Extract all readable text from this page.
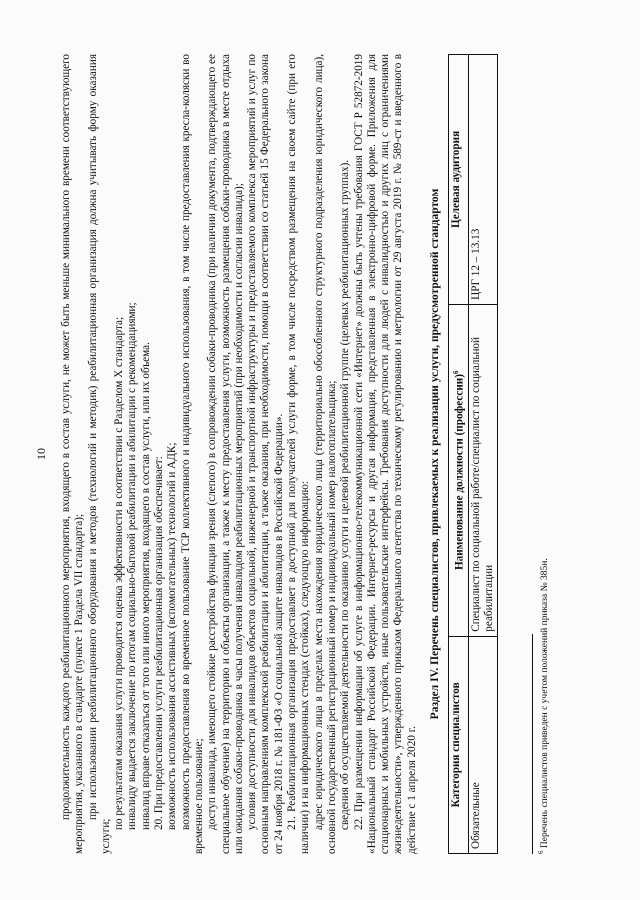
10 продолжительность каждого реабилитационного мероприятия, входящего в состав услуги, не может быть меньше минимального времени соответствующего мероприятия, указанного в стандарте (пункте 1 Раздела VII стандарта); при использовании реабилитационного оборудования и методов (технологий и методик) реабилитационная организация должна учитывать форму оказания услуги;

по результатам оказания услуги проводится оценка эффективности в соответствии с Разделом X стандарта; инвалиду выдается заключение по итогам социально-бытовой реабилитации и абилитации с рекомендациями; инвалид вправе отказаться от того или иного мероприятия, входящего в состав услуги, или их объема. 20. При предоставлении услуги реабилитационная организация обеспечивает: возможность использования ассистивных (вспомогательных) технологий и АДК; возможность предоставления во временное пользование ТСР коллективного и индивидуального использования, в том числе предоставления кресла-коляски во временное пользование; доступ инвалида, имеющего стойкие расстройства функции зрения (слепого) в сопровождении собаки-проводника (при наличии документа, подтверждающего ее специальное обучение) на территорию и объекты организации, а также к месту предоставления услуги, возможность размещения собаки-проводника в месте отдыха или ожидания собаки-проводника в часы получения инвалидом реабилитационных мероприятий (при необходимости и согласии инвалида); условия доступности для инвалидов объектов социальной, инженерной и транспортной инфраструктуры и предоставляемого комплекса мероприятий и услуг по основным направлениям комплексной реабилитации и абилитации, а также оказания, при необходимости, помощи в соответствии со статьей 15 Федерального закона от 24 ноября 2018 г. № 181-ФЗ «О социальной защите инвалидов в Российской Федерации». 21. Реабилитационная организация предоставляет в доступной для получателей услуги форме, в том числе посредством размещения на своем сайте (при его наличии) и на информационных стендах (стойках), следующую информацию: адрес юридического лица в пределах места нахождения юридического лица (территориально обособленного структурного подразделения юридического лица), основной государственный регистрационный номер и индивидуальный номер налогоплательщика; сведения об осуществляемой деятельности по оказанию услуги и целевой реабилитационной группе (целевых реабилитационных группах). 22. При размещении информации об услуге в информационно-телекоммуникационной сети «Интернет» должны быть учтены требования ГОСТ Р 52872-2019 «Национальный стандарт Российской Федерации. Интернет-ресурсы и другая информация, представленная в электронно-цифровой форме. Приложения для стационарных и мобильных устройств, иные пользовательские интерфейсы. Требования доступности для людей с инвалидностью и других лиц с ограничениями жизнедеятельности», утвержденного приказом Федерального агентства по техническому регулированию и метрологии от 29 августа 2019 г. № 589-ст и введенного в действие с 1 апреля 2020 г.

Раздел IV. Перечень специалистов, привлекаемых к реализации услуги, предусмотренной стандартом

Категория специалистов	Наименование должности (профессии)$^6$	Целевая аудитория
Обязательные	Специалист по социальной работе/специалист по социальной реабилитации	ЦРГ 12 – 13.13
$^6$ Перечень специалистов приведен с учетом положений приказа № 385н.
